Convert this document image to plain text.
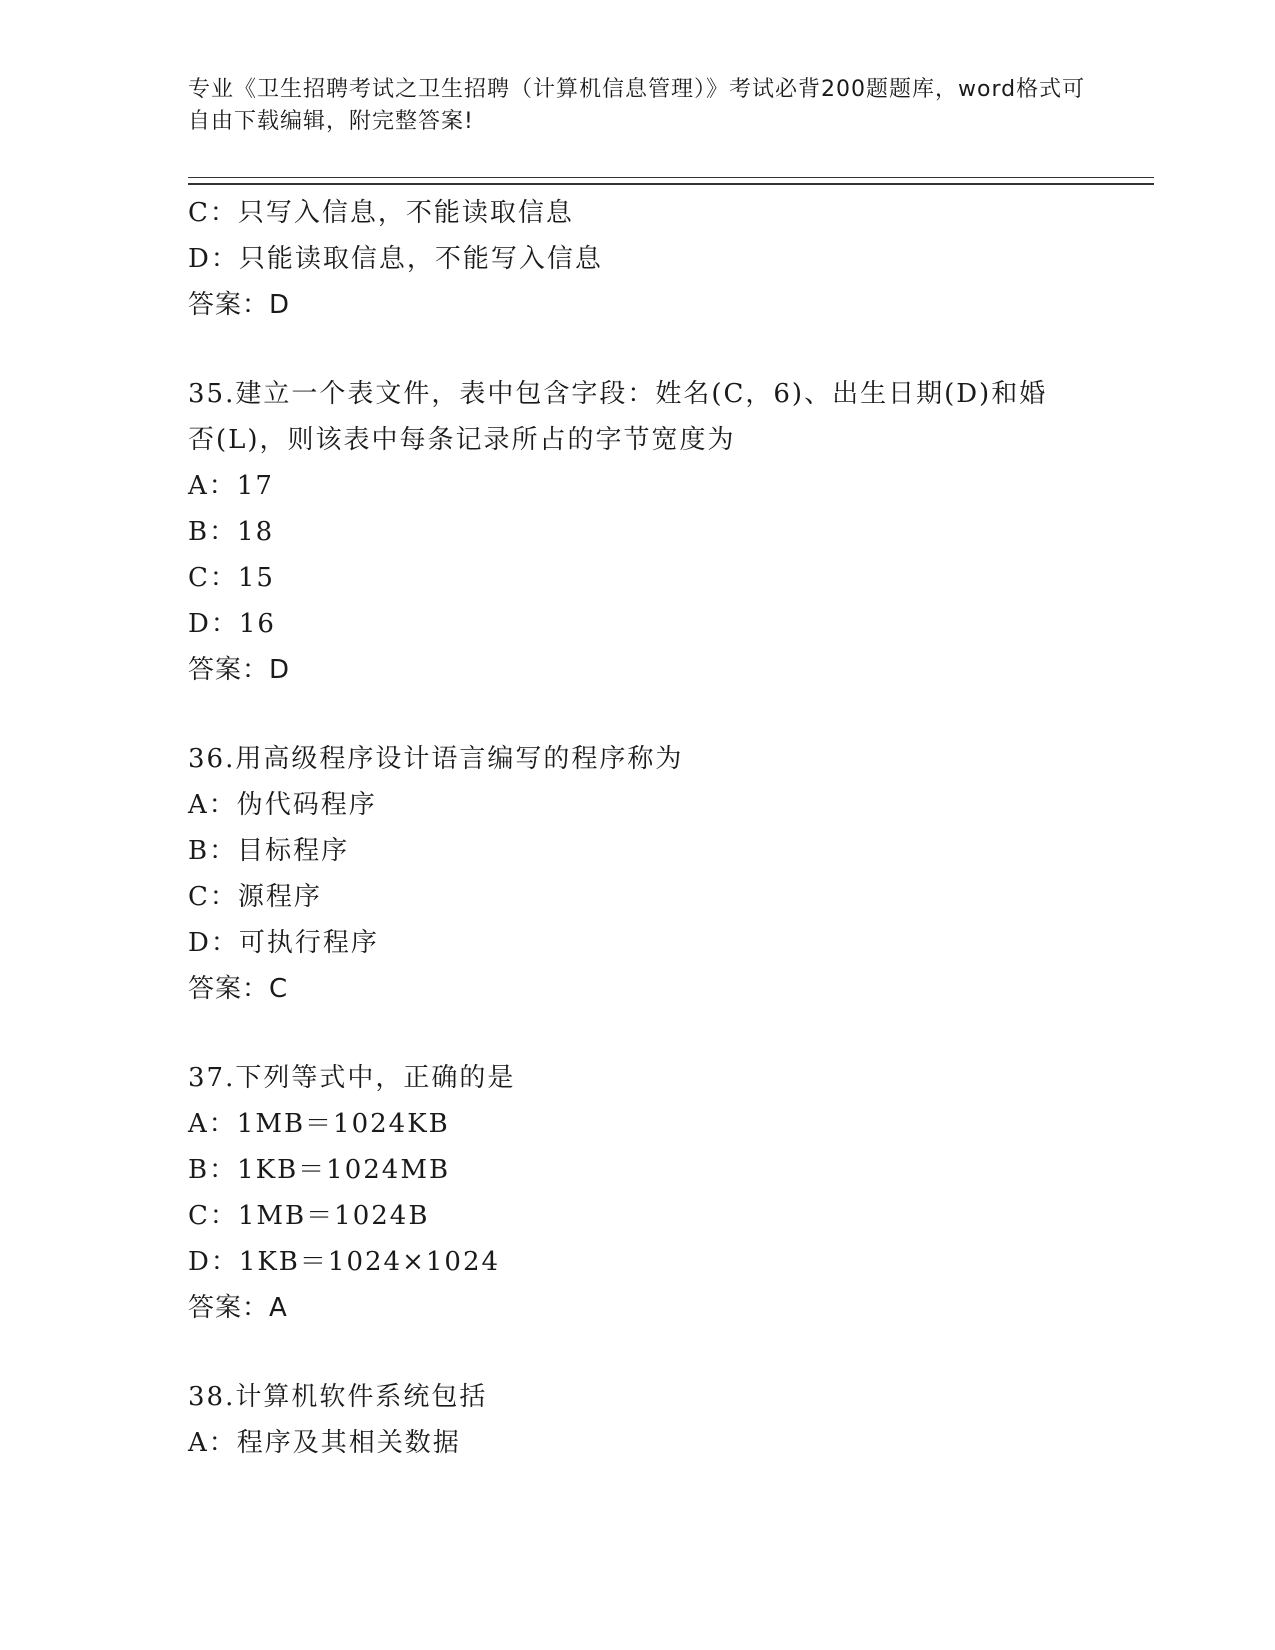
专业《卫生招聘考试之卫生招聘（计算机信息管理）》考试必背200题题库，word格式可自由下载编辑，附完整答案!
C：只写入信息，不能读取信息
D：只能读取信息，不能写入信息
答案：D
35.建立一个表文件，表中包含字段：姓名(C，6)、出生日期(D)和婚否(L)，则该表中每条记录所占的字节宽度为
A：17
B：18
C：15
D：16
答案：D
36.用高级程序设计语言编写的程序称为
A：伪代码程序
B：目标程序
C：源程序
D：可执行程序
答案：C
37.下列等式中，正确的是
A：1MB＝1024KB
B：1KB＝1024MB
C：1MB＝1024B
D：1KB＝1024×1024
答案：A
38.计算机软件系统包括
A：程序及其相关数据
